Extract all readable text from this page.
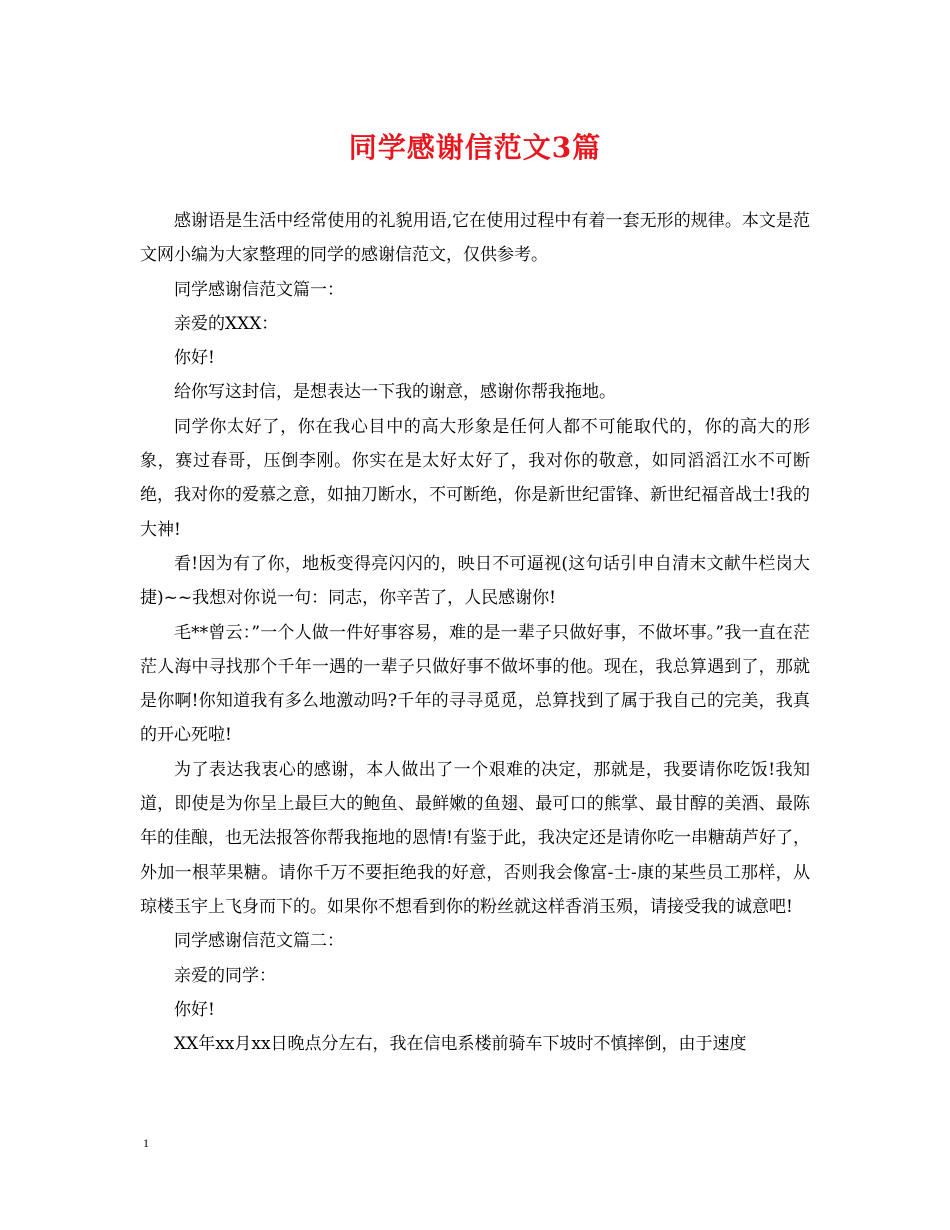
同学感谢信范文3篇

感谢语是生活中经常使用的礼貌用语,它在使用过程中有着一套无形的规律。本文是范文网小编为大家整理的同学的感谢信范文，仅供参考。

同学感谢信范文篇一：

亲爱的XXX：

你好!

给你写这封信，是想表达一下我的谢意，感谢你帮我拖地。

同学你太好了，你在我心目中的高大形象是任何人都不可能取代的，你的高大的形象，赛过春哥，压倒李刚。你实在是太好太好了，我对你的敬意，如同滔滔江水不可断绝，我对你的爱慕之意，如抽刀断水，不可断绝，你是新世纪雷锋、新世纪福音战士!我的大神!

看!因为有了你，地板变得亮闪闪的，映日不可逼视(这句话引申自清末文献牛栏岗大捷)~~我想对你说一句：同志，你辛苦了，人民感谢你!

毛**曾云：”一个人做一件好事容易，难的是一辈子只做好事，不做坏事。”我一直在茫茫人海中寻找那个千年一遇的一辈子只做好事不做坏事的他。现在，我总算遇到了，那就是你啊!你知道我有多么地激动吗?千年的寻寻觅觅，总算找到了属于我自己的完美，我真的开心死啦!

为了表达我衷心的感谢，本人做出了一个艰难的决定，那就是，我要请你吃饭!我知道，即使是为你呈上最巨大的鲍鱼、最鲜嫩的鱼翅、最可口的熊掌、最甘醇的美酒、最陈年的佳酿，也无法报答你帮我拖地的恩情!有鉴于此，我决定还是请你吃一串糖葫芦好了，外加一根苹果糖。请你千万不要拒绝我的好意，否则我会像富-士-康的某些员工那样，从琼楼玉宇上飞身而下的。如果你不想看到你的粉丝就这样香消玉殒，请接受我的诚意吧!

同学感谢信范文篇二：

亲爱的同学：

你好!

XX年xx月xx日晚点分左右，我在信电系楼前骑车下坡时不慎摔倒，由于速度

1
